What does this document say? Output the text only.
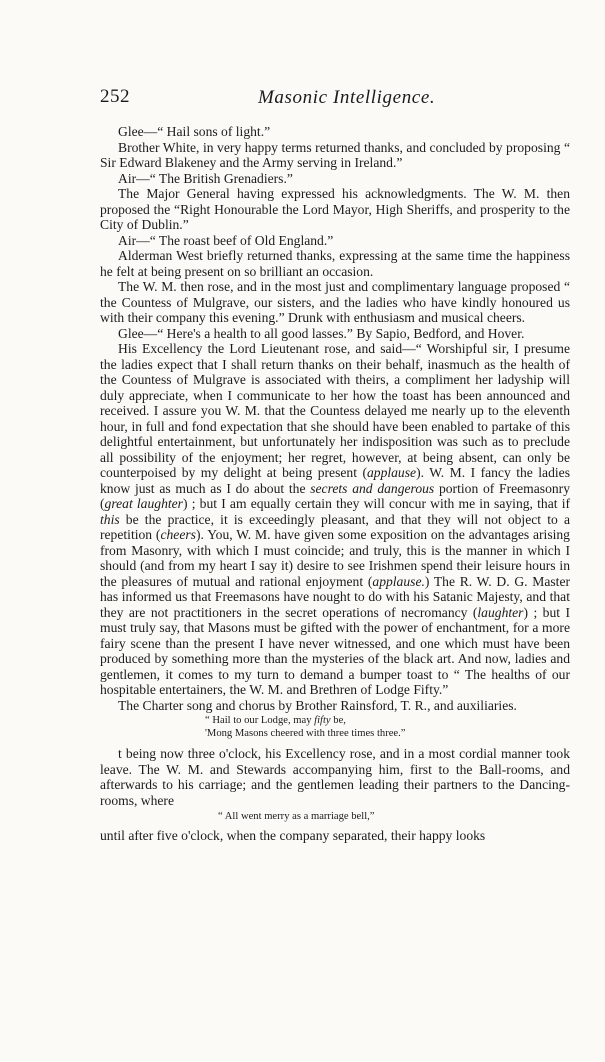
252	Masonic Intelligence.

Glee—“ Hail sons of light.”

Brother White, in very happy terms returned thanks, and concluded by proposing “ Sir Edward Blakeney and the Army serving in Ireland.”

Air—“ The British Grenadiers.”

The Major General having expressed his acknowledgments. The W. M. then proposed the “Right Honourable the Lord Mayor, High Sheriffs, and prosperity to the City of Dublin.”

Air—“ The roast beef of Old England.”

Alderman West briefly returned thanks, expressing at the same time the happiness he felt at being present on so brilliant an occasion.

The W. M. then rose, and in the most just and complimentary language proposed “ the Countess of Mulgrave, our sisters, and the ladies who have kindly honoured us with their company this evening.” Drunk with enthusiasm and musical cheers.

Glee—“ Here's a health to all good lasses.” By Sapio, Bedford, and Hover.

His Excellency the Lord Lieutenant rose, and said—“ Worshipful sir, I presume the ladies expect that I shall return thanks on their behalf, inasmuch as the health of the Countess of Mulgrave is associated with theirs, a compliment her ladyship will duly appreciate, when I communicate to her how the toast has been announced and received. I assure you W. M. that the Countess delayed me nearly up to the eleventh hour, in full and fond expectation that she should have been enabled to partake of this delightful entertainment, but unfortunately her indisposition was such as to preclude all possibility of the enjoyment; her regret, however, at being absent, can only be counterpoised by my delight at being present (applause). W. M. I fancy the ladies know just as much as I do about the secrets and dangerous portion of Freemasonry (great laughter) ; but I am equally certain they will concur with me in saying, that if this be the practice, it is exceedingly pleasant, and that they will not object to a repetition (cheers). You, W. M. have given some exposition on the advantages arising from Masonry, with which I must coincide; and truly, this is the manner in which I should (and from my heart I say it) desire to see Irishmen spend their leisure hours in the pleasures of mutual and rational enjoyment (applause.) The R. W. D. G. Master has informed us that Freemasons have nought to do with his Satanic Majesty, and that they are not practitioners in the secret operations of necromancy (laughter) ; but I must truly say, that Masons must be gifted with the power of enchantment, for a more fairy scene than the present I have never witnessed, and one which must have been produced by something more than the mysteries of the black art. And now, ladies and gentlemen, it comes to my turn to demand a bumper toast to “ The healths of our hospitable entertainers, the W. M. and Brethren of Lodge Fifty.”

The Charter song and chorus by Brother Rainsford, T. R., and auxiliaries.

“ Hail to our Lodge, may fifty be,
'Mong Masons cheered with three times three.”

t being now three o'clock, his Excellency rose, and in a most cordial manner took leave. The W. M. and Stewards accompanying him, first to the Ball-rooms, and afterwards to his carriage; and the gentlemen leading their partners to the Dancing-rooms, where

“ All went merry as a marriage bell,”

until after five o'clock, when the company separated, their happy looks
